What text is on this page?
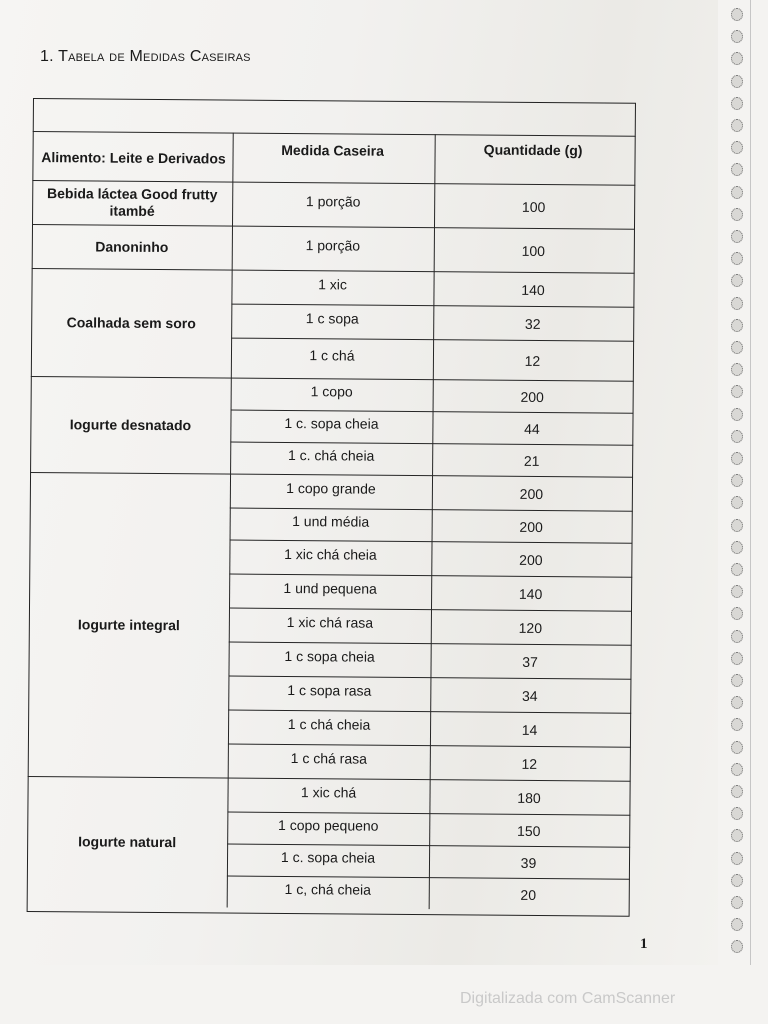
1. Tabela de Medidas Caseiras
Alimento: Leite e Derivados	Medida Caseira	Quantidade (g)
Bebida láctea Good frutty itambé
1 porção	100
Danoninho	1 porção	100
Coalhada sem soro
1 xic	140
1 c sopa	32
1 c chá	12
Iogurte desnatado
1 copo	200
1 c. sopa cheia	44
1 c. chá cheia	21
Iogurte integral
1 copo grande	200
1 und média	200
1 xic chá cheia	200
1 und pequena	140
1 xic chá rasa	120
1 c sopa cheia	37
1 c sopa rasa	34
1 c chá cheia	14
1 c chá rasa	12
Iogurte natural
1 xic chá	180
1 copo pequeno	150
1 c. sopa cheia	39
1 c, chá cheia	20
1
Digitalizada com CamScanner
